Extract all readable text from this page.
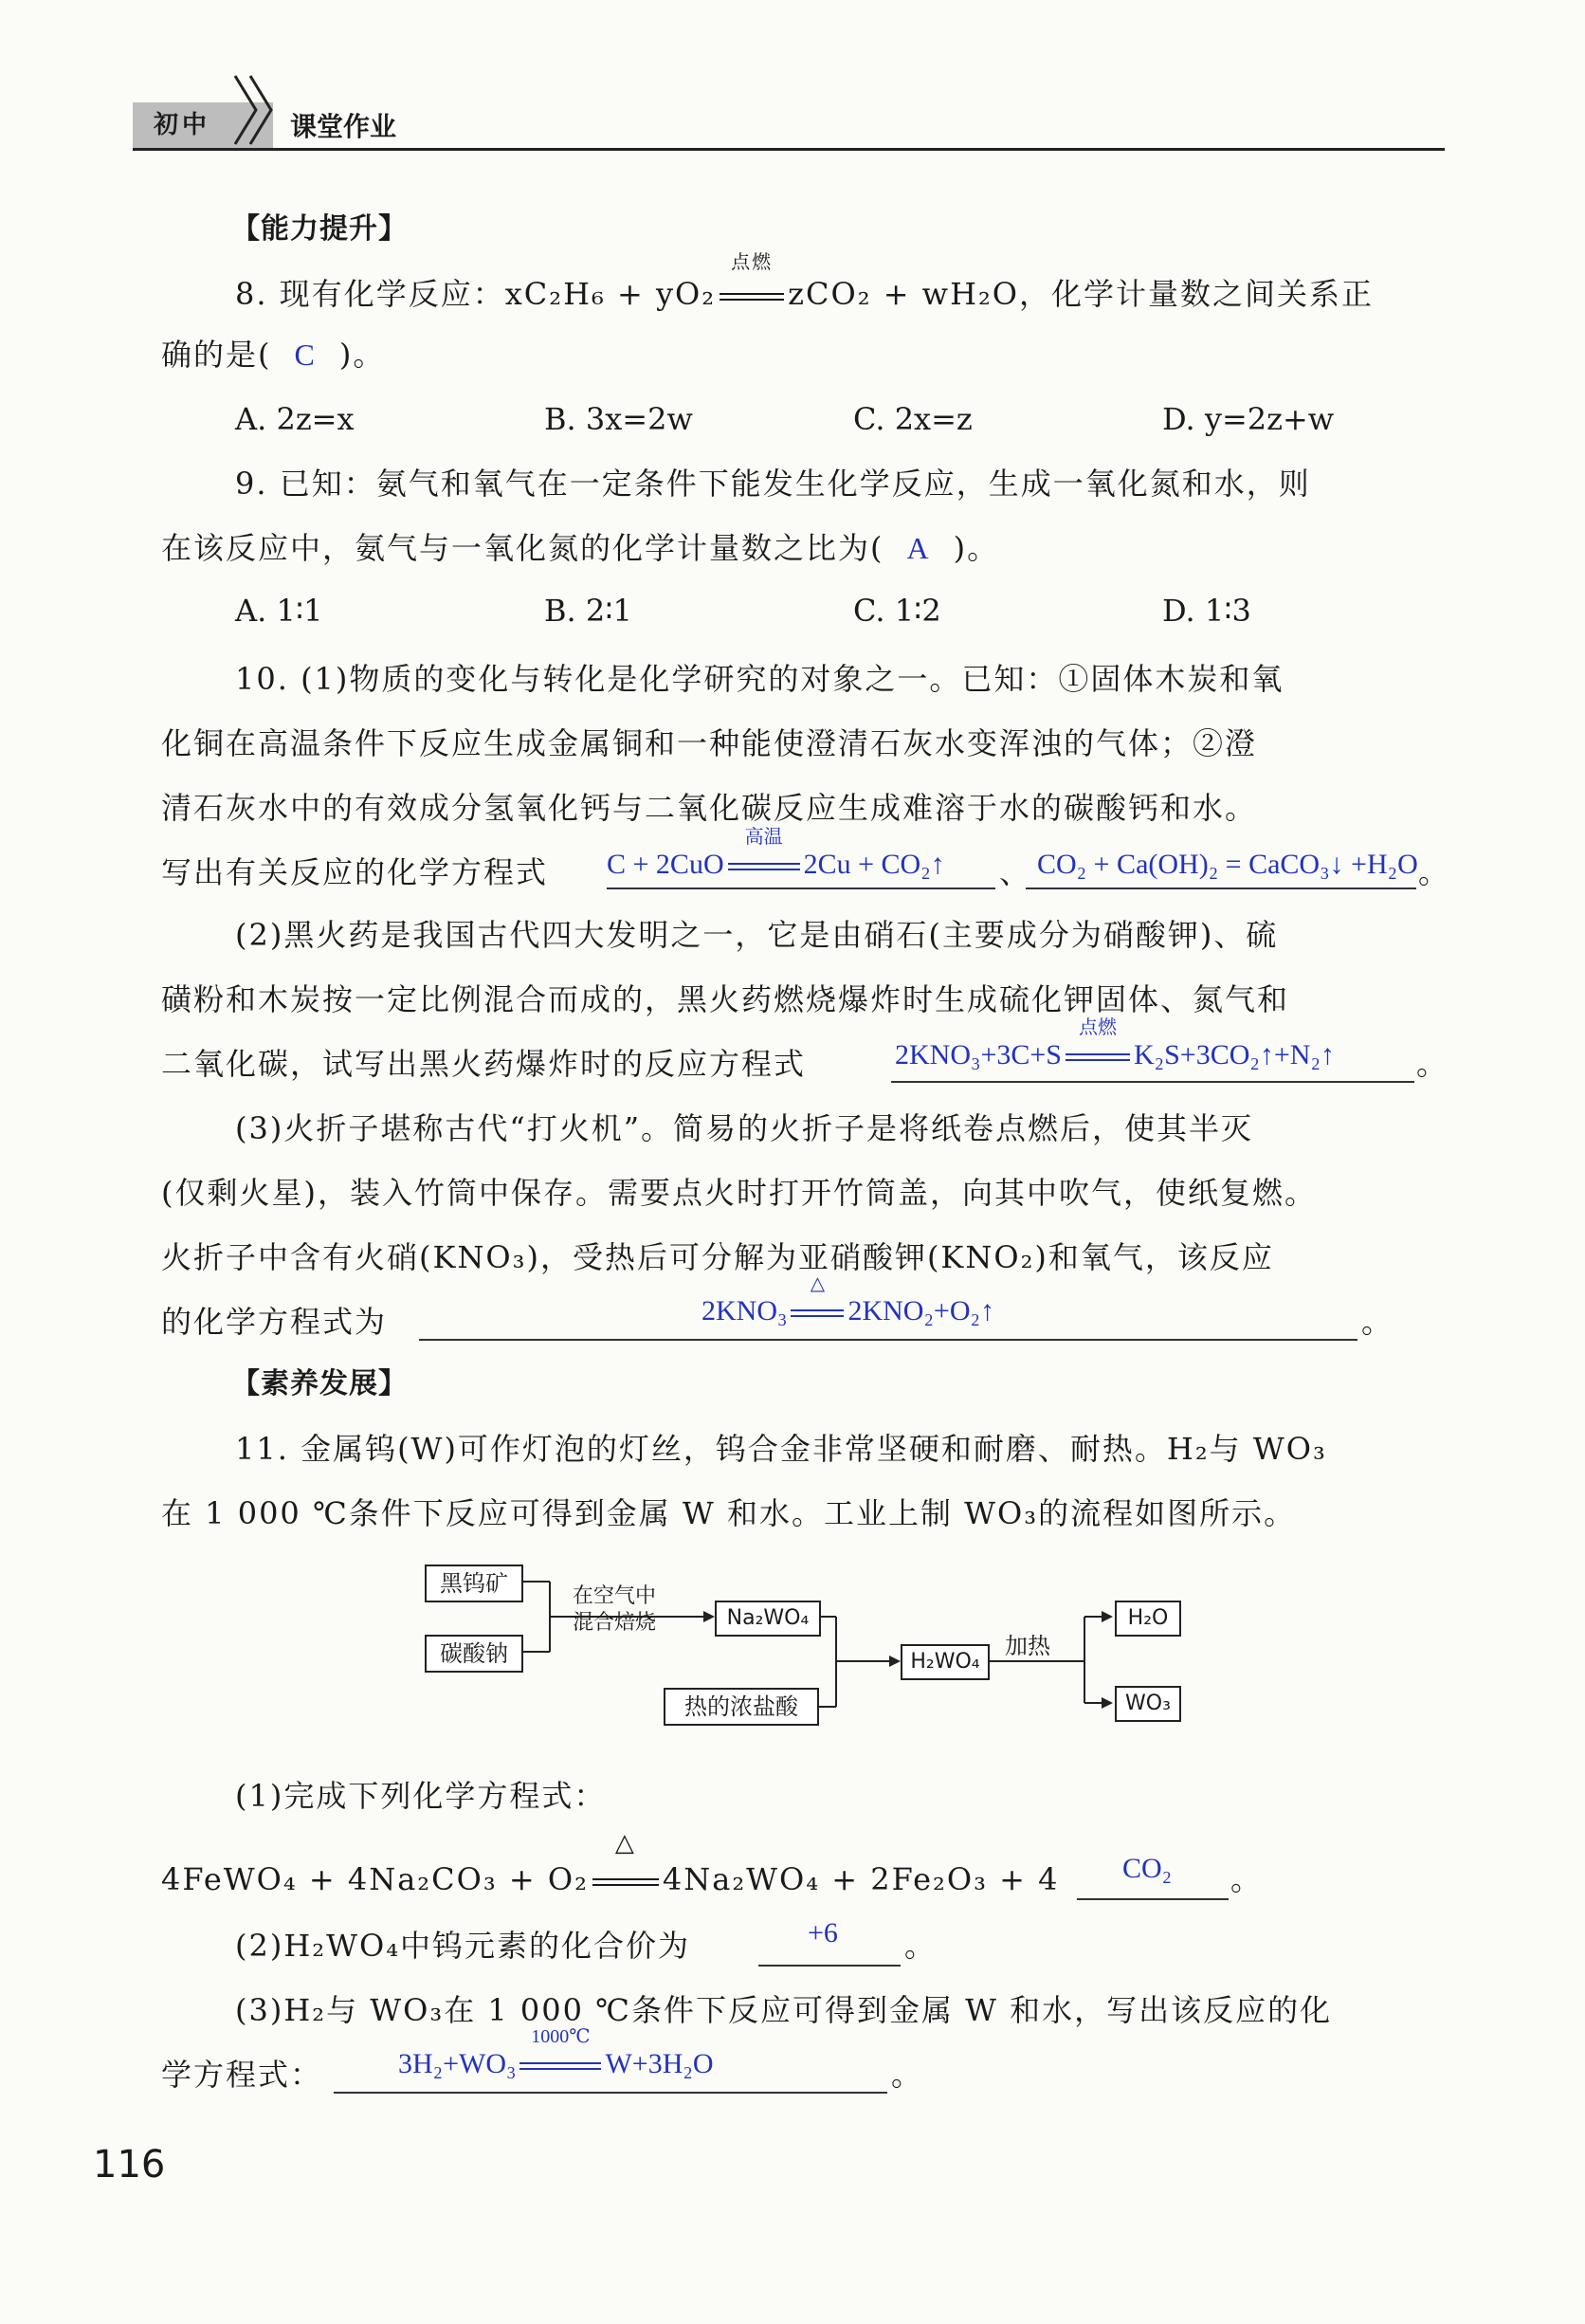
初中	课堂作业
【能力提升】
8. 现有化学反应：xC₂H₆ + yO₂
点燃
zCO₂ + wH₂O，化学计量数之间关系正
确的是( C )。
A. 2z=x	B. 3x=2w	C. 2x=z	D. y=2z+w
9. 已知：氨气和氧气在一定条件下能发生化学反应，生成一氧化氮和水，则
在该反应中，氨气与一氧化氮的化学计量数之比为( A )。
A. 1∶1	B. 2∶1	C. 1∶2	D. 1∶3
10. (1)物质的变化与转化是化学研究的对象之一。已知：①固体木炭和氧
化铜在高温条件下反应生成金属铜和一种能使澄清石灰水变浑浊的气体；②澄
清石灰水中的有效成分氢氧化钙与二氧化碳反应生成难溶于水的碳酸钙和水。
写出有关反应的化学方程式 C + 2CuO
高温
2Cu + CO₂↑ 、 CO₂ + Ca(OH)₂ = CaCO₃↓ +H₂O 。
(2)黑火药是我国古代四大发明之一，它是由硝石(主要成分为硝酸钾)、硫
磺粉和木炭按一定比例混合而成的，黑火药燃烧爆炸时生成硫化钾固体、氮气和
二氧化碳，试写出黑火药爆炸时的反应方程式	2KNO₃+3C+S
点燃
K₂S+3CO₂↑+N₂↑	。
(3)火折子堪称古代“打火机”。简易的火折子是将纸卷点燃后，使其半灭
(仅剩火星)，装入竹筒中保存。需要点火时打开竹筒盖，向其中吹气，使纸复燃。
火折子中含有火硝(KNO₃)，受热后可分解为亚硝酸钾(KNO₂)和氧气，该反应
的化学方程式为	2KNO₃
△
2KNO₂+O₂↑	。
【素养发展】
11. 金属钨(W)可作灯泡的灯丝，钨合金非常坚硬和耐磨、耐热。H₂与 WO₃
在 1 000 ℃条件下反应可得到金属 W 和水。工业上制 WO₃的流程如图所示。
黑钨矿
碳酸钠
在空气中
混合焙烧	Na₂WO₄
热的浓盐酸
H₂WO₄
加热
H₂O
WO₃
(1)完成下列化学方程式：
4FeWO₄ + 4Na₂CO₃ + O₂
△
4Na₂WO₄ + 2Fe₂O₃ + 4 CO₂ 。
(2)H₂WO₄中钨元素的化合价为	+6 。
(3)H₂与 WO₃在 1 000 ℃条件下反应可得到金属 W 和水，写出该反应的化
学方程式：	3H₂+WO₃
1000℃
W+3H₂O	。
116
